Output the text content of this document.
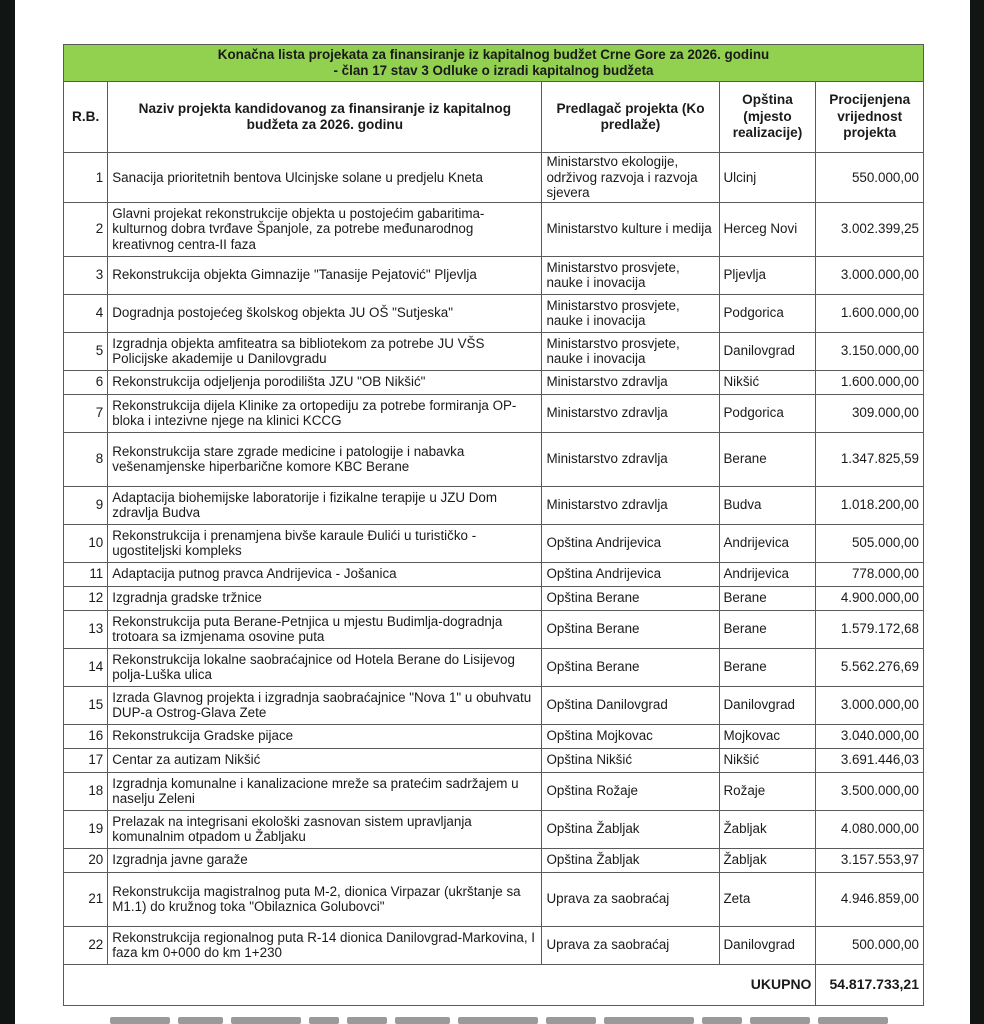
Konačna lista projekata za finansiranje iz kapitalnog budžet Crne Gore za 2026. godinu
- član 17 stav 3 Odluke o izradi kapitalnog budžeta				

R.B.	Naziv projekta kandidovanog za finansiranje iz kapitalnog budžeta za 2026. godinu	Predlagač projekta (Ko predlaže)	Opština (mjesto realizacije)	Procijenjena vrijednost projekta
1	Sanacija prioritetnih bentova Ulcinjske solane u predjelu Kneta	Ministarstvo ekologije, održivog razvoja i razvoja sjevera	Ulcinj	550.000,00
2	Glavni projekat rekonstrukcije objekta u postojećim gabaritima-kulturnog dobra tvrđave Španjole, za potrebe međunarodnog kreativnog centra-II faza	Ministarstvo kulture i medija	Herceg Novi	3.002.399,25
3	Rekonstrukcija objekta Gimnazije "Tanasije Pejatović" Pljevlja	Ministarstvo prosvjete, nauke i inovacija	Pljevlja	3.000.000,00
4	Dogradnja postojećeg školskog objekta JU OŠ "Sutjeska"	Ministarstvo prosvjete, nauke i inovacija	Podgorica	1.600.000,00
5	Izgradnja objekta amfiteatra sa bibliotekom za potrebe JU VŠS Policijske akademije u Danilovgradu	Ministarstvo prosvjete, nauke i inovacija	Danilovgrad	3.150.000,00
6	Rekonstrukcija odjeljenja porodilišta JZU "OB Nikšić"	Ministarstvo zdravlja	Nikšić	1.600.000,00
7	Rekonstrukcija dijela Klinike za ortopediju za potrebe formiranja OP-bloka i intezivne njege na klinici KCCG	Ministarstvo zdravlja	Podgorica	309.000,00
8	Rekonstrukcija stare zgrade medicine i patologije i nabavka vešenamjenske hiperbarične komore KBC Berane	Ministarstvo zdravlja	Berane	1.347.825,59
9	Adaptacija biohemijske laboratorije i fizikalne terapije u JZU Dom zdravlja Budva	Ministarstvo zdravlja	Budva	1.018.200,00
10	Rekonstrukcija i prenamjena bivše karaule Đulići u turističko - ugostiteljski kompleks	Opština Andrijevica	Andrijevica	505.000,00
11	Adaptacija putnog pravca Andrijevica - Jošanica	Opština Andrijevica	Andrijevica	778.000,00
12	Izgradnja gradske tržnice	Opština Berane	Berane	4.900.000,00
13	Rekonstrukcija puta Berane-Petnjica u mjestu Budimlja-dogradnja trotoara sa izmjenama osovine puta	Opština Berane	Berane	1.579.172,68
14	Rekonstrukcija lokalne saobraćajnice od Hotela Berane do Lisijevog polja-Luška ulica	Opština Berane	Berane	5.562.276,69
15	Izrada Glavnog projekta i izgradnja saobraćajnice "Nova 1" u obuhvatu DUP-a Ostrog-Glava Zete	Opština Danilovgrad	Danilovgrad	3.000.000,00
16	Rekonstrukcija Gradske pijace	Opština Mojkovac	Mojkovac	3.040.000,00
17	Centar za autizam Nikšić	Opština Nikšić	Nikšić	3.691.446,03
18	Izgradnja komunalne i kanalizacione mreže sa pratećim sadržajem u naselju Zeleni	Opština Rožaje	Rožaje	3.500.000,00
19	Prelazak na integrisani ekološki zasnovan sistem upravljanja komunalnim otpadom u Žabljaku	Opština Žabljak	Žabljak	4.080.000,00
20	Izgradnja javne garaže	Opština Žabljak	Žabljak	3.157.553,97
21	Rekonstrukcija magistralnog puta M-2, dionica Virpazar (ukrštanje sa M1.1) do kružnog toka "Obilaznica Golubovci"	Uprava za saobraćaj	Zeta	4.946.859,00
22	Rekonstrukcija regionalnog puta R-14 dionica Danilovgrad-Markovina, I faza km 0+000 do km 1+230	Uprava za saobraćaj	Danilovgrad	500.000,00
UKUPNO				54.817.733,21
